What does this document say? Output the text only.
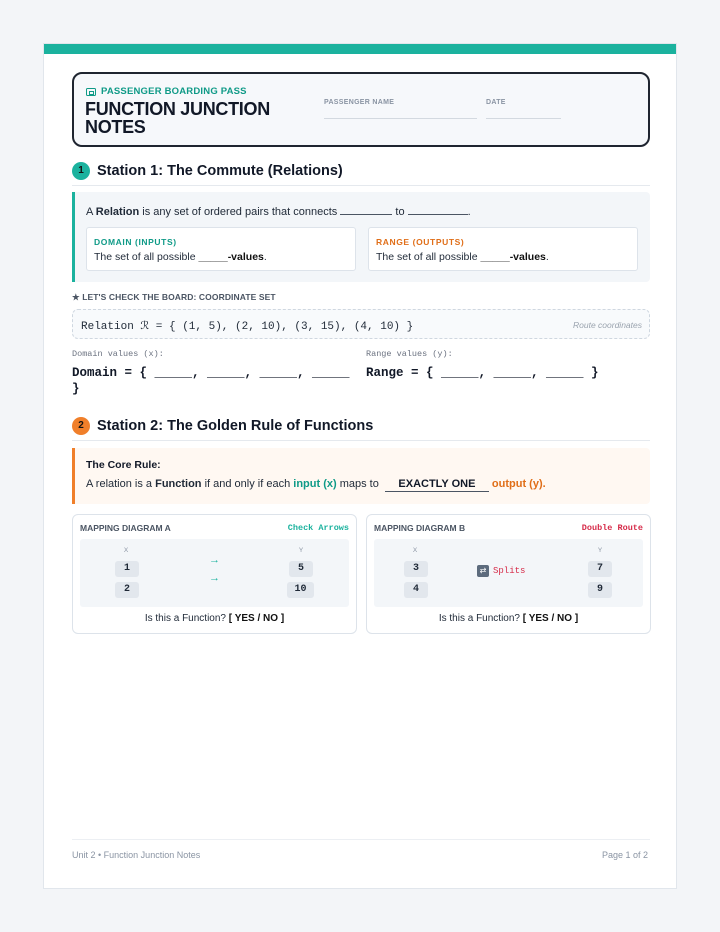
PASSENGER BOARDING PASS
FUNCTION JUNCTION NOTES
PASSENGER NAME	DATE
1 Station 1: The Commute (Relations)
A Relation is any set of ordered pairs that connects	to	.
DOMAIN (INPUTS)
The set of all possible _____-values.
RANGE (OUTPUTS)
The set of all possible _____-values.
★ LET'S CHECK THE BOARD: COORDINATE SET
Relation ℛ = { (1, 5), (2, 10), (3, 15), (4, 10) }	Route coordinates
Domain values (x):
Domain = { _____, _____, _____, _____
}
Range values (y):
Range = { _____, _____, _____ }
2 Station 2: The Golden Rule of Functions
The Core Rule:
A relation is a Function if and only if each input (x) maps to EXACTLY ONE output (y).
MAPPING DIAGRAM A	Check Arrows
X	Y
1
2
5
10
→
→
Is this a Function? [ YES / NO ]
MAPPING DIAGRAM B	Double Route
X	Y
3
4
7
9
⇄ Splits
Is this a Function? [ YES / NO ]
Unit 2 • Function Junction Notes	Page 1 of 2
